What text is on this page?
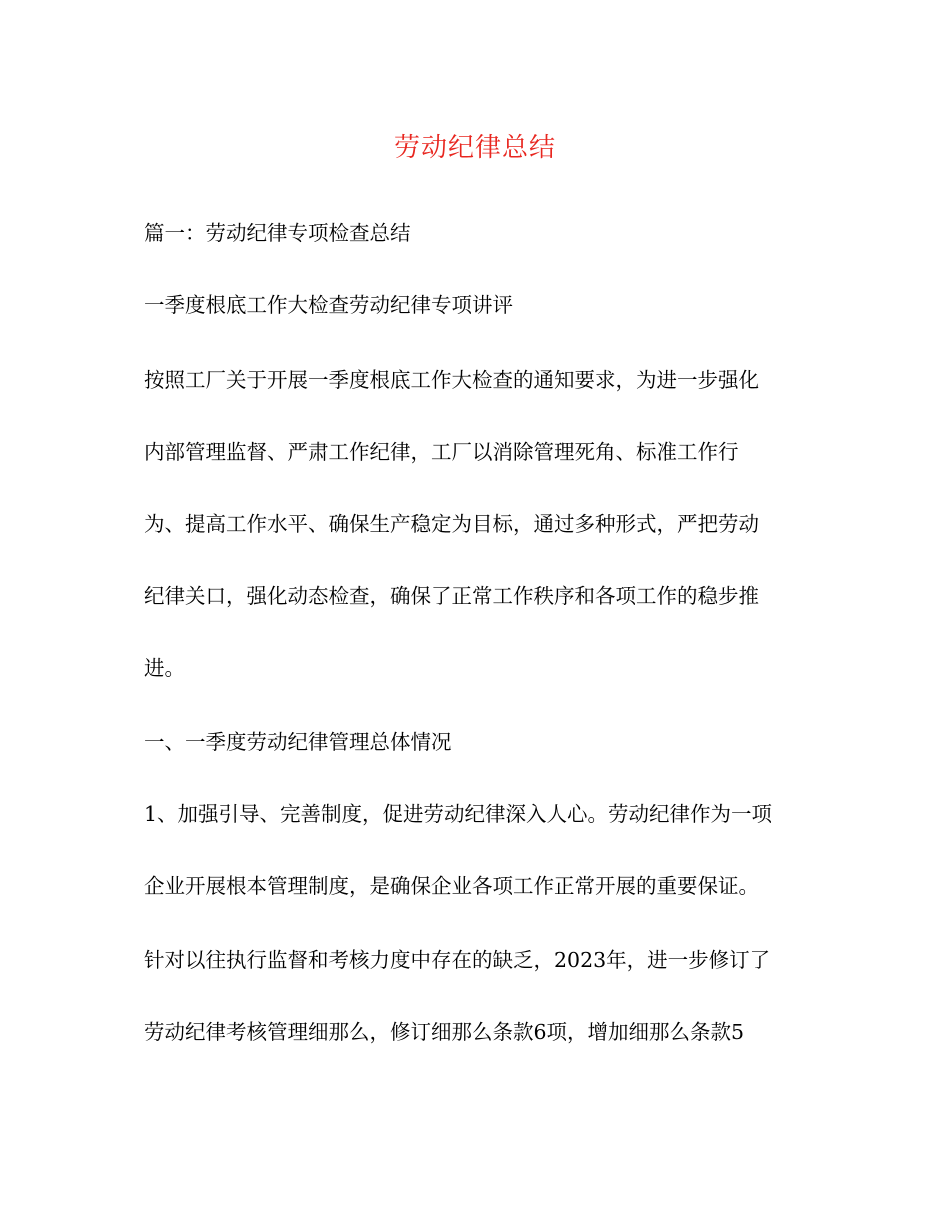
劳动纪律总结
篇一：劳动纪律专项检查总结
一季度根底工作大检查劳动纪律专项讲评
按照工厂关于开展一季度根底工作大检查的通知要求，为进一步强化
内部管理监督、严肃工作纪律，工厂以消除管理死角、标准工作行
为、提高工作水平、确保生产稳定为目标，通过多种形式，严把劳动
纪律关口，强化动态检查，确保了正常工作秩序和各项工作的稳步推
进。
一、一季度劳动纪律管理总体情况
1、加强引导、完善制度，促进劳动纪律深入人心。劳动纪律作为一项
企业开展根本管理制度，是确保企业各项工作正常开展的重要保证。
针对以往执行监督和考核力度中存在的缺乏，2023年，进一步修订了
劳动纪律考核管理细那么，修订细那么条款6项，增加细那么条款5
